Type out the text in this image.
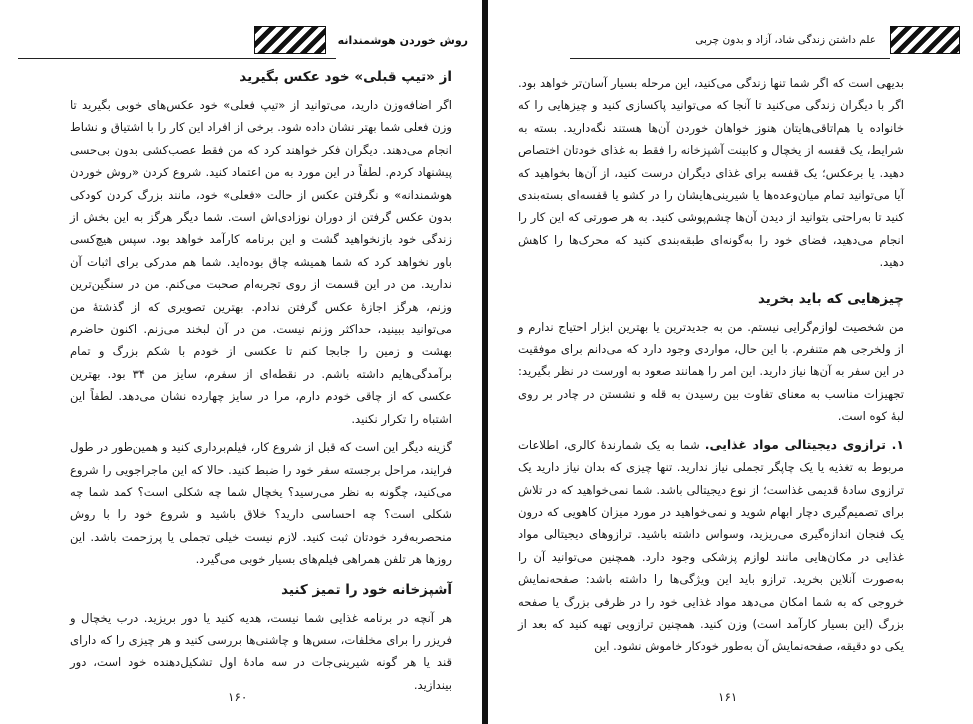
روش خوردن هوشمندانه
از «تیپ قبلی» خود عکس بگیرید

اگر اضافه‌وزن دارید، می‌توانید از «تیپ فعلی» خود عکس‌های خوبی بگیرید تا وزن فعلی شما بهتر نشان داده شود. برخی از افراد این کار را با اشتیاق و نشاط انجام می‌دهند. دیگران فکر خواهند کرد که من فقط عصب‌کشی بدون بی‌حسی پیشنهاد کردم. لطفاً در این مورد به من اعتماد کنید. شروع کردن «روش خوردن هوشمندانه» و نگرفتن عکس از حالت «فعلی» خود، مانند بزرگ کردن کودکی بدون عکس گرفتن از دوران نوزادی‌اش است. شما دیگر هرگز به این بخش از زندگی خود بازنخواهید گشت و این برنامه کارآمد خواهد بود. سپس هیچ‌کسی باور نخواهد کرد که شما همیشه چاق بوده‌اید. شما هم مدرکی برای اثبات آن ندارید. من در این قسمت از روی تجربه‌ام صحبت می‌کنم. من در سنگین‌ترین وزنم، هرگز اجازهٔ عکس گرفتن ندادم. بهترین تصویری که از گذشتهٔ من می‌توانید ببینید، حداکثر وزنم نیست. من در آن لبخند می‌زنم. اکنون حاضرم بهشت و زمین را جابجا کنم تا عکسی از خودم با شکم بزرگ و تمام برآمدگی‌هایم داشته باشم. در نقطه‌ای از سفرم، سایز من ۳۴ بود. بهترین عکسی که از چاقی خودم دارم، مرا در سایز چهارده نشان می‌دهد. لطفاً این اشتباه را تکرار نکنید.

گزینه دیگر این است که قبل از شروع کار، فیلم‌برداری کنید و همین‌طور در طول فرایند، مراحل برجسته سفر خود را ضبط کنید. حالا که این ماجراجویی را شروع می‌کنید، چگونه به نظر می‌رسید؟ یخچال شما چه شکلی است؟ کمد شما چه شکلی است؟ چه احساسی دارید؟ خلاق باشید و شروع خود را با روش منحصربه‌فرد خودتان ثبت کنید. لازم نیست خیلی تجملی یا پرزحمت باشد. این روزها هر تلفن همراهی فیلم‌های بسیار خوبی می‌گیرد.

آشپزخانه خود را تمیز کنید

هر آنچه در برنامه غذایی شما نیست، هدیه کنید یا دور بریزید. درب یخچال و فریزر را برای مخلفات، سس‌ها و چاشنی‌ها بررسی کنید و هر چیزی را که دارای قند یا هر گونه شیرینی‌جات در سه مادهٔ اول تشکیل‌دهنده خود است، دور بیندازید.

۱۶۰
علم داشتن زندگی شاد، آزاد و بدون چربی

بدیهی است که اگر شما تنها زندگی می‌کنید، این مرحله بسیار آسان‌تر خواهد بود. اگر با دیگران زندگی می‌کنید تا آنجا که می‌توانید پاکسازی کنید و چیزهایی را که خانواده یا هم‌اتاقی‌هایتان هنوز خواهان خوردن آن‌ها هستند نگه‌دارید. بسته به شرایط، یک قفسه از یخچال و کابینت آشپزخانه را فقط به غذای خودتان اختصاص دهید. یا برعکس؛ یک قفسه برای غذای دیگران درست کنید، از آن‌ها بخواهید که آیا می‌توانید تمام میان‌وعده‌ها یا شیرینی‌هایشان را در کشو یا قفسه‌ای بسته‌بندی کنید تا به‌راحتی بتوانید از دیدن آن‌ها چشم‌پوشی کنید. به هر صورتی که این کار را انجام می‌دهید، فضای خود را به‌گونه‌ای طبقه‌بندی کنید که محرک‌ها را کاهش دهید.

چیزهایی که باید بخرید

من شخصیت لوازم‌گرایی نیستم. من به جدیدترین یا بهترین ابزار احتیاج ندارم و از ولخرجی هم متنفرم. با این حال، مواردی وجود دارد که می‌دانم برای موفقیت در این سفر به آن‌ها نیاز دارید. این امر را همانند صعود به اورست در نظر بگیرید: تجهیزات مناسب به معنای تفاوت بین رسیدن به قله و نشستن در چادر بر روی لبهٔ کوه است.

۱. ترازوی دیجیتالی مواد غذایی. شما به یک شمارندهٔ کالری، اطلاعات مربوط به تغذیه یا یک چاپگر تجملی نیاز ندارید. تنها چیزی که بدان نیاز دارید یک ترازوی سادهٔ قدیمی غذاست؛ از نوع دیجیتالی باشد. شما نمی‌خواهید که در تلاش برای تصمیم‌گیری دچار ابهام شوید و نمی‌خواهید در مورد میزان کاهویی که درون یک فنجان اندازه‌گیری می‌ریزید، وسواس داشته باشید. ترازوهای دیجیتالی مواد غذایی در مکان‌هایی مانند لوازم پزشکی وجود دارد. همچنین می‌توانید آن را به‌صورت آنلاین بخرید. ترازو باید این ویژگی‌ها را داشته باشد: صفحه‌نمایش خروجی که به شما امکان می‌دهد مواد غذایی خود را در ظرفی بزرگ یا صفحه بزرگ (این بسیار کارآمد است) وزن کنید. همچنین ترازویی تهیه کنید که بعد از یکی دو دقیقه، صفحه‌نمایش آن به‌طور خودکار خاموش نشود. این

۱۶۱
